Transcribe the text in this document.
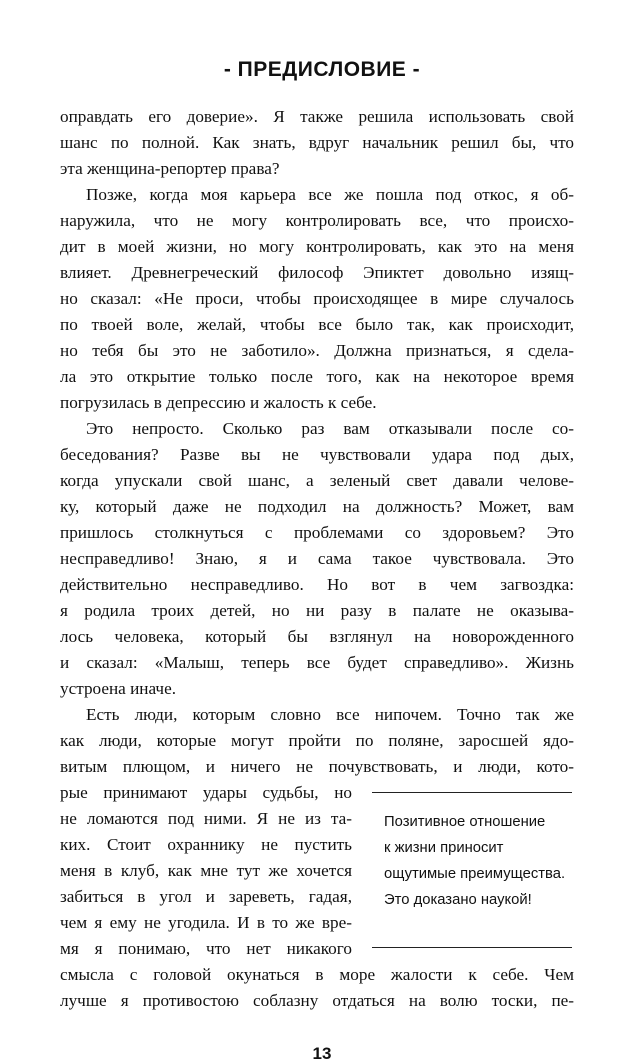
- ПРЕДИСЛОВИЕ -
оправдать его доверие». Я также решила использовать свой
шанс по полной. Как знать, вдруг начальник решил бы, что
эта женщина-репортер права?
Позже, когда моя карьера все же пошла под откос, я об-
наружила, что не могу контролировать все, что происхо-
дит в моей жизни, но могу контролировать, как это на меня
влияет. Древнегреческий философ Эпиктет довольно изящ-
но сказал: «Не проси, чтобы происходящее в мире случалось
по твоей воле, желай, чтобы все было так, как происходит,
но тебя бы это не заботило». Должна признаться, я сдела-
ла это открытие только после того, как на некоторое время
погрузилась в депрессию и жалость к себе.
Это непросто. Сколько раз вам отказывали после со-
беседования? Разве вы не чувствовали удара под дых,
когда упускали свой шанс, а зеленый свет давали челове-
ку, который даже не подходил на должность? Может, вам
пришлось столкнуться с проблемами со здоровьем? Это
несправедливо! Знаю, я и сама такое чувствовала. Это
действительно несправедливо. Но вот в чем загвоздка:
я родила троих детей, но ни разу в палате не оказыва-
лось человека, который бы взглянул на новорожденного
и сказал: «Малыш, теперь все будет справедливо». Жизнь
устроена иначе.
Есть люди, которым словно все нипочем. Точно так же
как люди, которые могут пройти по поляне, заросшей ядо-
витым плющом, и ничего не почувствовать, и люди, кото-
13
Позитивное отношение
к жизни приносит
ощутимые преимущества.
Это доказано наукой!
рые принимают удары судьбы, но
не ломаются под ними. Я не из та-
ких. Стоит охраннику не пустить
меня в клуб, как мне тут же хочется
забиться в угол и зареветь, гадая,
чем я ему не угодила. И в то же вре-
мя я понимаю, что нет никакого
смысла с головой окунаться в море жалости к себе. Чем
лучше я противостою соблазну отдаться на волю тоски, пе-
